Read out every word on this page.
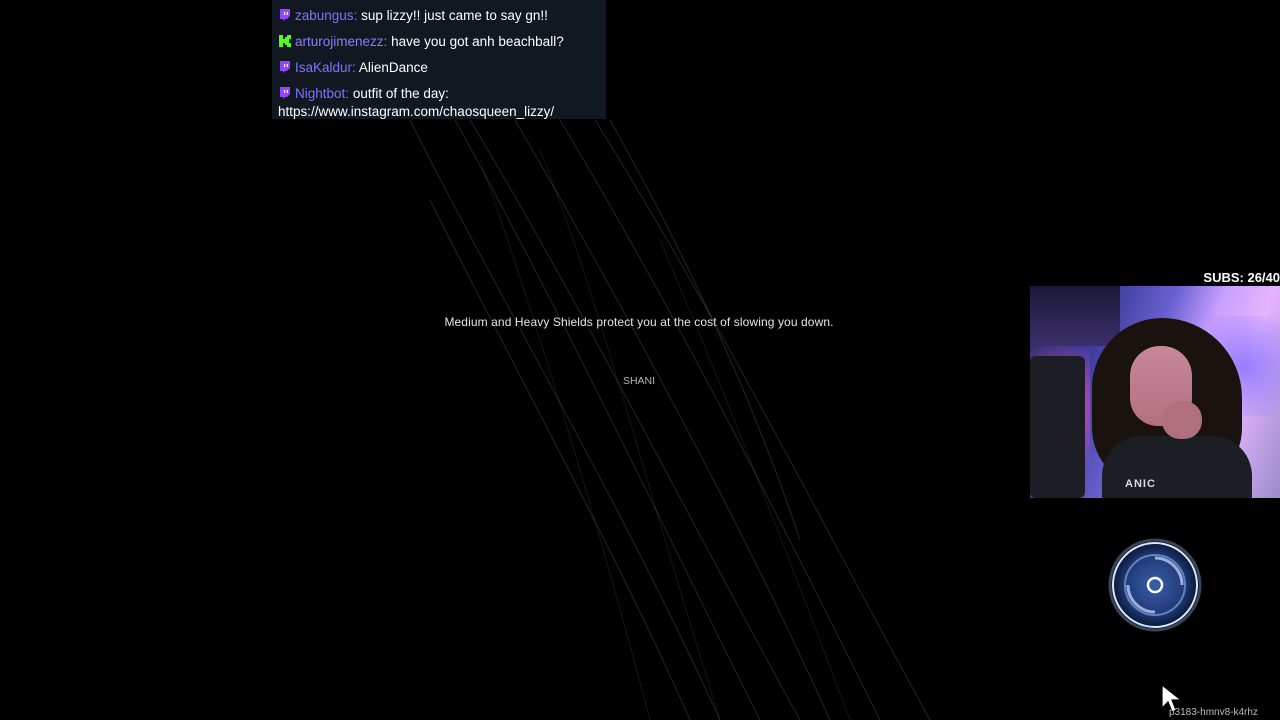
zabungus: sup lizzy!! just came to say gn!!
arturojimenezz: have you got anh beachball?
IsaKaldur: AlienDance
Nightbot: outfit of the day:
https://www.instagram.com/chaosqueen_lizzy/
Medium and Heavy Shields protect you at the cost of slowing you down.
SHANI
SUBS: 26/40
ANIC
p3183-hmnv8-k4rhz
